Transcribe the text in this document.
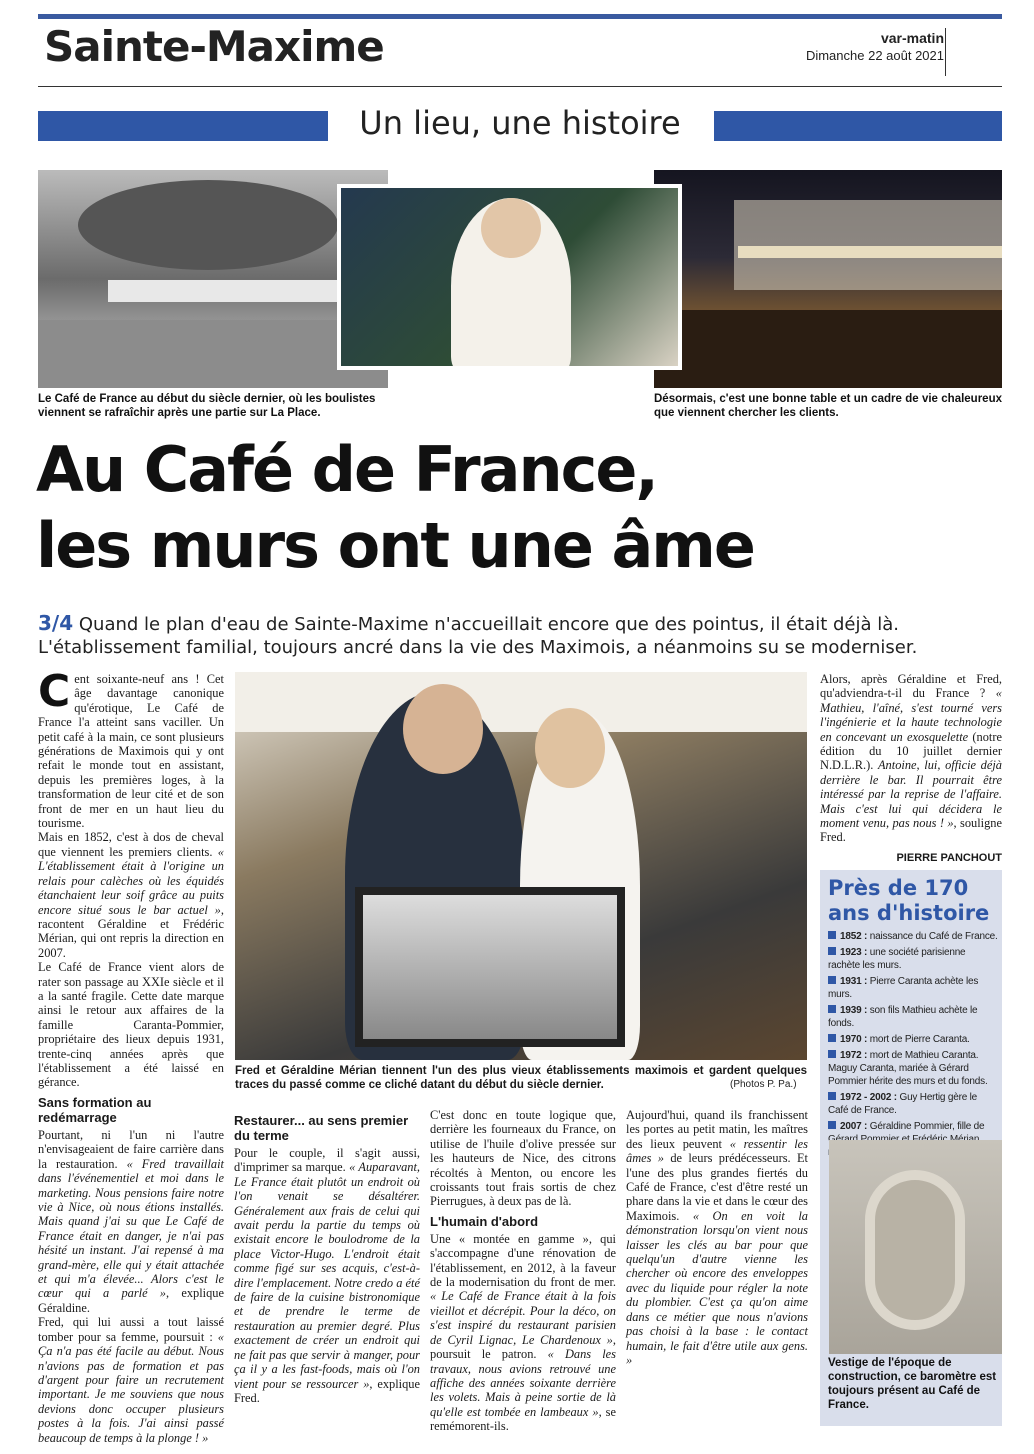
Sainte-Maxime	var-matin
Dimanche 22 août 2021
Un lieu, une histoire
Le Café de France au début du siècle dernier, où les boulistes viennent se rafraîchir après une partie sur La Place.
Désormais, c'est une bonne table et un cadre de vie chaleureux que viennent chercher les clients.
Au Café de France,
les murs ont une âme
3/4 Quand le plan d'eau de Sainte-Maxime n'accueillait encore que des pointus, il était déjà là. L'établissement familial, toujours ancré dans la vie des Maximois, a néanmoins su se moderniser.
C ent soixante-neuf ans ! Cet âge davantage canonique qu'érotique, Le Café de France l'a atteint sans vaciller. Un petit café à la main, ce sont plusieurs générations de Maximois qui y ont refait le monde tout en assistant, depuis les premières loges, à la transformation de leur cité et de son front de mer en un haut lieu du tourisme.

Mais en 1852, c'est à dos de cheval que viennent les premiers clients. « L'établissement était à l'origine un relais pour calèches où les équidés étanchaient leur soif grâce au puits encore situé sous le bar actuel », racontent Géraldine et Frédéric Mérian, qui ont repris la direction en 2007.

Le Café de France vient alors de rater son passage au XXIe siècle et il a la santé fragile. Cette date marque ainsi le retour aux affaires de la famille Caranta-Pommier, propriétaire des lieux depuis 1931, trente-cinq années après que l'établissement a été laissé en gérance.

Sans formation au redémarrage

Pourtant, ni l'un ni l'autre n'envisageaient de faire carrière dans la restauration. « Fred travaillait dans l'événementiel et moi dans le marketing. Nous pensions faire notre vie à Nice, où nous étions installés. Mais quand j'ai su que Le Café de France était en danger, je n'ai pas hésité un instant. J'ai repensé à ma grand-mère, elle qui y était attachée et qui m'a élevée... Alors c'est le cœur qui a parlé », explique Géraldine.

Fred, qui lui aussi a tout laissé tomber pour sa femme, poursuit : « Ça n'a pas été facile au début. Nous n'avions pas de formation et pas d'argent pour faire un recrutement important. Je me souviens que nous devions donc occuper plusieurs postes à la fois. J'ai ainsi passé beaucoup de temps à la plonge ! »

Restaurer... au sens premier du terme

Pour le couple, il s'agit aussi, d'imprimer sa marque. « Auparavant, Le France était plutôt un endroit où l'on venait se désaltérer. Généralement aux frais de celui qui avait perdu la partie du temps où existait encore le boulodrome de la place Victor-Hugo. L'endroit était comme figé sur ses acquis, c'est-à-dire l'emplacement. Notre credo a été de faire de la cuisine bistronomique et de prendre le terme de restauration au premier degré. Plus exactement de créer un endroit qui ne fait pas que servir à manger, pour ça il y a les fast-foods, mais où l'on vient pour se ressourcer », explique Fred.

C'est donc en toute logique que, derrière les fourneaux du France, on utilise de l'huile d'olive pressée sur les hauteurs de Nice, des citrons récoltés à Menton, ou encore les croissants tout frais sortis de chez Pierrugues, à deux pas de là.

L'humain d'abord

Une « montée en gamme », qui s'accompagne d'une rénovation de l'établissement, en 2012, à la faveur de la modernisation du front de mer. « Le Café de France était à la fois vieillot et décrépit. Pour la déco, on s'est inspiré du restaurant parisien de Cyril Lignac, Le Chardenoux », poursuit le patron. « Dans les travaux, nous avions retrouvé une affiche des années soixante derrière les volets. Mais à peine sortie de là qu'elle est tombée en lambeaux », se remémorent-ils.

Aujourd'hui, quand ils franchissent les portes au petit matin, les maîtres des lieux peuvent « ressentir les âmes » de leurs prédécesseurs. Et l'une des plus grandes fiertés du Café de France, c'est d'être resté un phare dans la vie et dans le cœur des Maximois. « On en voit la démonstration lorsqu'on vient nous laisser les clés au bar pour que quelqu'un d'autre vienne les chercher où encore des enveloppes avec du liquide pour régler la note du plombier. C'est ça qu'on aime dans ce métier que nous n'avions pas choisi à la base : le contact humain, le fait d'être utile aux gens. »

Alors, après Géraldine et Fred, qu'adviendra-t-il du France ? « Mathieu, l'aîné, s'est tourné vers l'ingénierie et la haute technologie en concevant un exosquelette (notre édition du 10 juillet dernier N.D.L.R.). Antoine, lui, officie déjà derrière le bar. Il pourrait être intéressé par la reprise de l'affaire. Mais c'est lui qui décidera le moment venu, pas nous ! », souligne Fred.

PIERRE PANCHOUT
Fred et Géraldine Mérian tiennent l'un des plus vieux établissements maximois et gardent quelques traces du passé comme ce cliché datant du début du siècle dernier.	(Photos P. Pa.)
Près de 170 ans d'histoire
1852 : naissance du Café de France.
1923 : une société parisienne rachète les murs.
1931 : Pierre Caranta achète les murs.
1939 : son fils Mathieu achète le fonds.
1970 : mort de Pierre Caranta.
1972 : mort de Mathieu Caranta. Maguy Caranta, mariée à Gérard Pommier hérite des murs et du fonds.
1972 - 2002 : Guy Hertig gère le Café de France.
2007 : Géraldine Pommier, fille de
Vestige de l'époque de construction, ce baromètre est toujours présent au Café de France.
